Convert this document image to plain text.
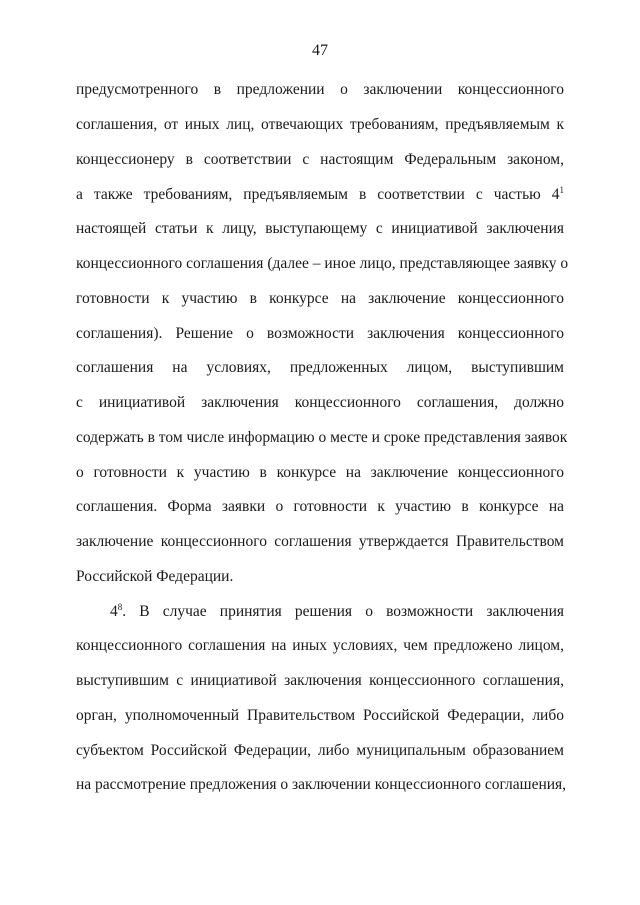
47
предусмотренного в предложении о заключении концессионного
соглашения, от иных лиц, отвечающих требованиям, предъявляемым к
концессионеру в соответствии с настоящим Федеральным законом,
а также требованиям, предъявляемым в соответствии с частью $4^1$
настоящей статьи к лицу, выступающему с инициативой заключения
концессионного соглашения (далее – иное лицо, представляющее заявку о
готовности к участию в конкурсе на заключение концессионного
соглашения). Решение о возможности заключения концессионного
соглашения на условиях, предложенных лицом, выступившим
с инициативой заключения концессионного соглашения, должно
содержать в том числе информацию о месте и сроке представления заявок
о готовности к участию в конкурсе на заключение концессионного
соглашения. Форма заявки о готовности к участию в конкурсе на
заключение концессионного соглашения утверждается Правительством
Российской Федерации.
$4^8$. В случае принятия решения о возможности заключения
концессионного соглашения на иных условиях, чем предложено лицом,
выступившим с инициативой заключения концессионного соглашения,
орган, уполномоченный Правительством Российской Федерации, либо
субъектом Российской Федерации, либо муниципальным образованием
на рассмотрение предложения о заключении концессионного соглашения,
